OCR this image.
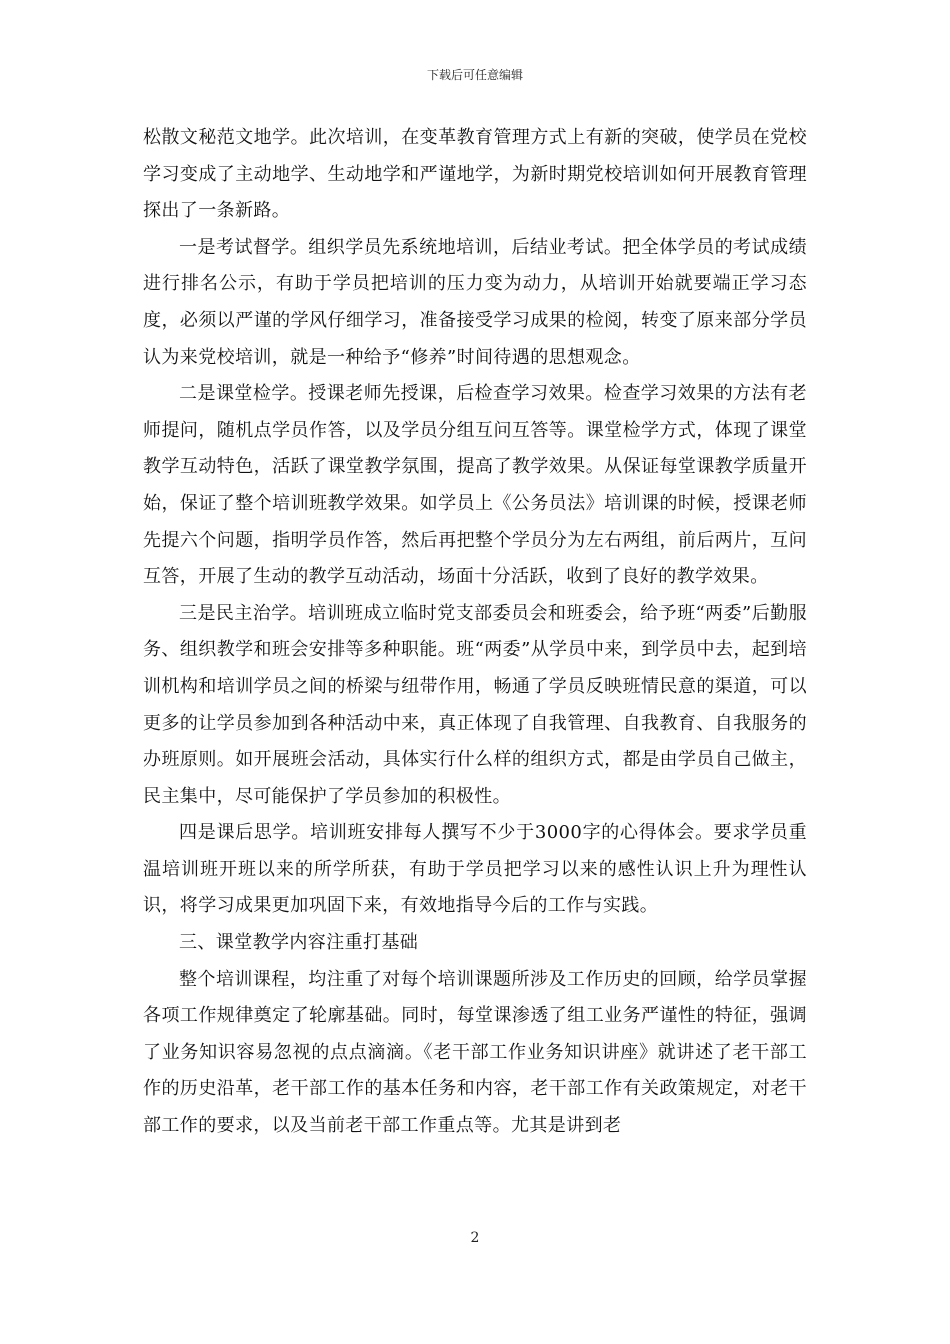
下载后可任意编辑

松散文秘范文地学。此次培训，在变革教育管理方式上有新的突破，使学员在党校学习变成了主动地学、生动地学和严谨地学，为新时期党校培训如何开展教育管理探出了一条新路。

一是考试督学。组织学员先系统地培训，后结业考试。把全体学员的考试成绩进行排名公示，有助于学员把培训的压力变为动力，从培训开始就要端正学习态度，必须以严谨的学风仔细学习，准备接受学习成果的检阅，转变了原来部分学员认为来党校培训，就是一种给予“修养”时间待遇的思想观念。

二是课堂检学。授课老师先授课，后检查学习效果。检查学习效果的方法有老师提问，随机点学员作答，以及学员分组互问互答等。课堂检学方式，体现了课堂教学互动特色，活跃了课堂教学氛围，提高了教学效果。从保证每堂课教学质量开始，保证了整个培训班教学效果。如学员上《公务员法》培训课的时候，授课老师先提六个问题，指明学员作答，然后再把整个学员分为左右两组，前后两片，互问互答，开展了生动的教学互动活动，场面十分活跃，收到了良好的教学效果。

三是民主治学。培训班成立临时党支部委员会和班委会，给予班“两委”后勤服务、组织教学和班会安排等多种职能。班“两委”从学员中来，到学员中去，起到培训机构和培训学员之间的桥梁与纽带作用，畅通了学员反映班情民意的渠道，可以更多的让学员参加到各种活动中来，真正体现了自我管理、自我教育、自我服务的办班原则。如开展班会活动，具体实行什么样的组织方式，都是由学员自己做主，民主集中，尽可能保护了学员参加的积极性。

四是课后思学。培训班安排每人撰写不少于3000字的心得体会。要求学员重温培训班开班以来的所学所获，有助于学员把学习以来的感性认识上升为理性认识，将学习成果更加巩固下来，有效地指导今后的工作与实践。

三、课堂教学内容注重打基础

整个培训课程，均注重了对每个培训课题所涉及工作历史的回顾，给学员掌握各项工作规律奠定了轮廓基础。同时，每堂课渗透了组工业务严谨性的特征，强调了业务知识容易忽视的点点滴滴。《老干部工作业务知识讲座》就讲述了老干部工作的历史沿革，老干部工作的基本任务和内容，老干部工作有关政策规定，对老干部工作的要求，以及当前老干部工作重点等。尤其是讲到老

2
